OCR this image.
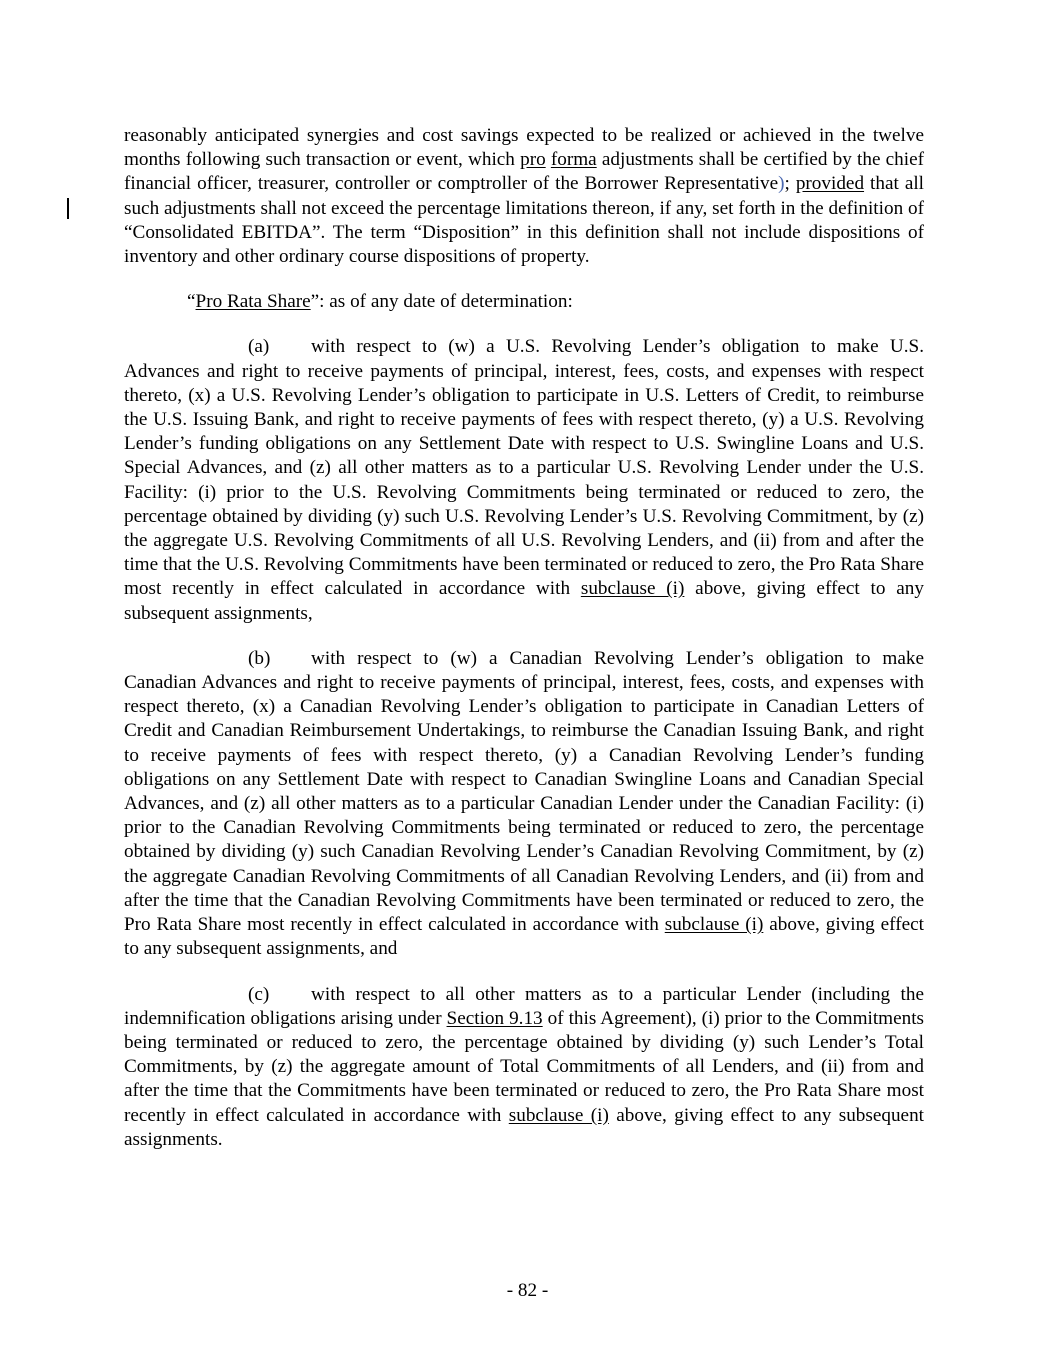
reasonably anticipated synergies and cost savings expected to be realized or achieved in the twelve months following such transaction or event, which pro forma adjustments shall be certified by the chief financial officer, treasurer, controller or comptroller of the Borrower Representative); provided that all such adjustments shall not exceed the percentage limitations thereon, if any, set forth in the definition of “Consolidated EBITDA”. The term “Disposition” in this definition shall not include dispositions of inventory and other ordinary course dispositions of property.

“Pro Rata Share”: as of any date of determination:

(a) with respect to (w) a U.S. Revolving Lender’s obligation to make U.S. Advances and right to receive payments of principal, interest, fees, costs, and expenses with respect thereto, (x) a U.S. Revolving Lender’s obligation to participate in U.S. Letters of Credit, to reimburse the U.S. Issuing Bank, and right to receive payments of fees with respect thereto, (y) a U.S. Revolving Lender’s funding obligations on any Settlement Date with respect to U.S. Swingline Loans and U.S. Special Advances, and (z) all other matters as to a particular U.S. Revolving Lender under the U.S. Facility: (i) prior to the U.S. Revolving Commitments being terminated or reduced to zero, the percentage obtained by dividing (y) such U.S. Revolving Lender’s U.S. Revolving Commitment, by (z) the aggregate U.S. Revolving Commitments of all U.S. Revolving Lenders, and (ii) from and after the time that the U.S. Revolving Commitments have been terminated or reduced to zero, the Pro Rata Share most recently in effect calculated in accordance with subclause (i) above, giving effect to any subsequent assignments,

(b) with respect to (w) a Canadian Revolving Lender’s obligation to make Canadian Advances and right to receive payments of principal, interest, fees, costs, and expenses with respect thereto, (x) a Canadian Revolving Lender’s obligation to participate in Canadian Letters of Credit and Canadian Reimbursement Undertakings, to reimburse the Canadian Issuing Bank, and right to receive payments of fees with respect thereto, (y) a Canadian Revolving Lender’s funding obligations on any Settlement Date with respect to Canadian Swingline Loans and Canadian Special Advances, and (z) all other matters as to a particular Canadian Lender under the Canadian Facility: (i) prior to the Canadian Revolving Commitments being terminated or reduced to zero, the percentage obtained by dividing (y) such Canadian Revolving Lender’s Canadian Revolving Commitment, by (z) the aggregate Canadian Revolving Commitments of all Canadian Revolving Lenders, and (ii) from and after the time that the Canadian Revolving Commitments have been terminated or reduced to zero, the Pro Rata Share most recently in effect calculated in accordance with subclause (i) above, giving effect to any subsequent assignments, and

(c) with respect to all other matters as to a particular Lender (including the indemnification obligations arising under Section 9.13 of this Agreement), (i) prior to the Commitments being terminated or reduced to zero, the percentage obtained by dividing (y) such Lender’s Total Commitments, by (z) the aggregate amount of Total Commitments of all Lenders, and (ii) from and after the time that the Commitments have been terminated or reduced to zero, the Pro Rata Share most recently in effect calculated in accordance with subclause (i) above, giving effect to any subsequent assignments.

- 82 -
